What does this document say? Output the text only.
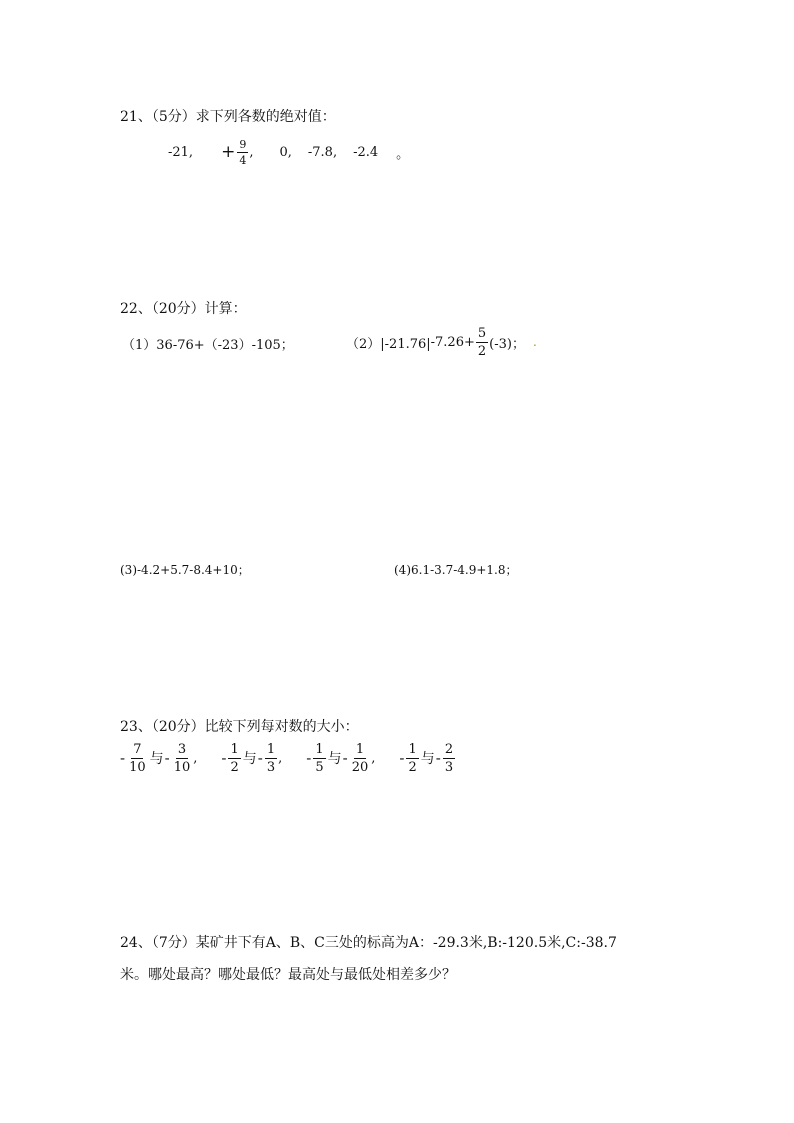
21、（5分）求下列各数的绝对值：
-21, + $\frac{9}{4}$ , 0, -7.8, -2.4 。
22、（20分）计算：
（1）36-76+（-23）-105；	（2）|-21.76| $-7.26+ \frac{5}{2} (-3)$； .
(3)-4.2+5.7-8.4+10；	(4)6.1-3.7-4.9+1.8；
23、（20分）比较下列每对数的大小：
- $\frac{7}{10}$ 与 - $\frac{3}{10}$ , - $\frac{1}{2}$ 与 - $\frac{1}{3}$ , - $\frac{1}{5}$ 与 - $\frac{1}{20}$ , - $\frac{1}{2}$ 与 - $\frac{2}{3}$
24、（7分）某矿井下有A、B、C三处的标高为A：-29.3米,B:-120.5米,C:-38.7
米。哪处最高？哪处最低？最高处与最低处相差多少？
